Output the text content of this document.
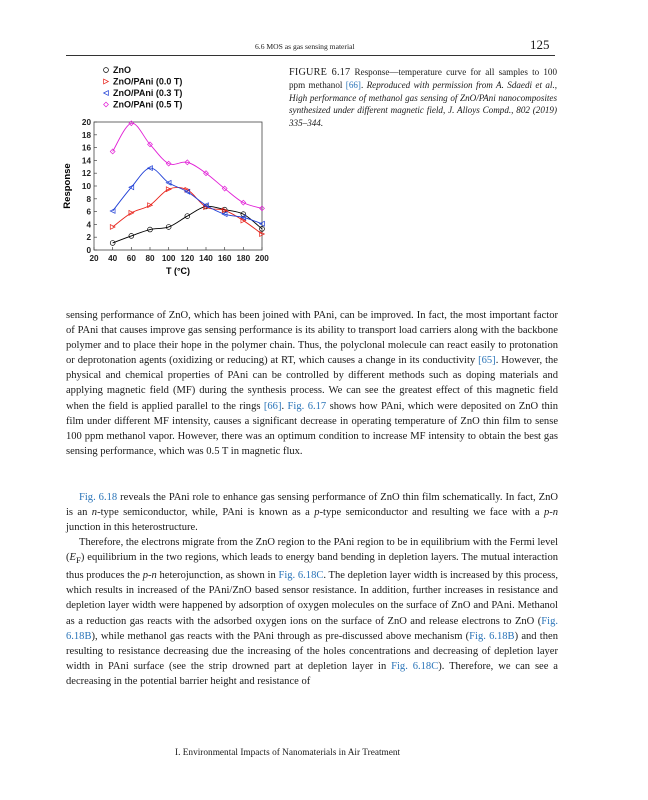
6.6 MOS as gas sensing material	125
0
2
4
6
8
10
12
14
16
18
20
20 40 60 80 100 120 140 160 180 200
ZnO
ZnO/PAni (0.0 T)
ZnO/PAni (0.3 T)
ZnO/PAni (0.5 T)
T (°C)
Response
FIGURE 6.17 Response—temperature curve for all samples to 100 ppm methanol [66]. Reproduced with permission from A. Sdaedi et al., High performance of methanol gas sensing of ZnO/PAni nanocomposites synthesized under different magnetic field, J. Alloys Compd., 802 (2019) 335–344.

sensing performance of ZnO, which has been joined with PAni, can be improved. In fact, the most important factor of PAni that causes improve gas sensing performance is its ability to transport load carriers along with the backbone polymer and to place their hope in the polymer chain. Thus, the polyclonal molecule can react easily to protonation or deprotonation agents (oxidizing or reducing) at RT, which causes a change in its conductivity [65]. However, the physical and chemical properties of PAni can be controlled by different methods such as doping materials and applying magnetic field (MF) during the synthesis process. We can see the greatest effect of this magnetic field when the field is applied parallel to the rings [66]. Fig. 6.17 shows how PAni, which were deposited on ZnO thin film under different MF intensity, causes a significant decrease in operating temperature of ZnO thin film to sense 100 ppm methanol vapor. However, there was an optimum condition to increase MF intensity to obtain the best gas sensing performance, which was 0.5 T in magnetic flux.

Fig. 6.18 reveals the PAni role to enhance gas sensing performance of ZnO thin film schematically. In fact, ZnO is an n-type semiconductor, while, PAni is known as a p-type semiconductor and resulting we face with a p-n junction in this heterostructure.

Therefore, the electrons migrate from the ZnO region to the PAni region to be in equilibrium with the Fermi level $(E_F)$ equilibrium in the two regions, which leads to energy band bending in depletion layers. The mutual interaction thus produces the p-n heterojunction, as shown in Fig. 6.18C. The depletion layer width is increased by this process, which results in increased of the PAni/ZnO based sensor resistance. In addition, further increases in resistance and depletion layer width were happened by adsorption of oxygen molecules on the surface of ZnO and PAni. Methanol as a reduction gas reacts with the adsorbed oxygen ions on the surface of ZnO and release electrons to ZnO (Fig. 6.18B), while methanol gas reacts with the PAni through as pre-discussed above mechanism (Fig. 6.18B) and then resulting to resistance decreasing due the increasing of the holes concentrations and decreasing of depletion layer width in PAni surface (see the strip drowned part at depletion layer in Fig. 6.18C). Therefore, we can see a decreasing in the potential barrier height and resistance of

I. Environmental Impacts of Nanomaterials in Air Treatment
